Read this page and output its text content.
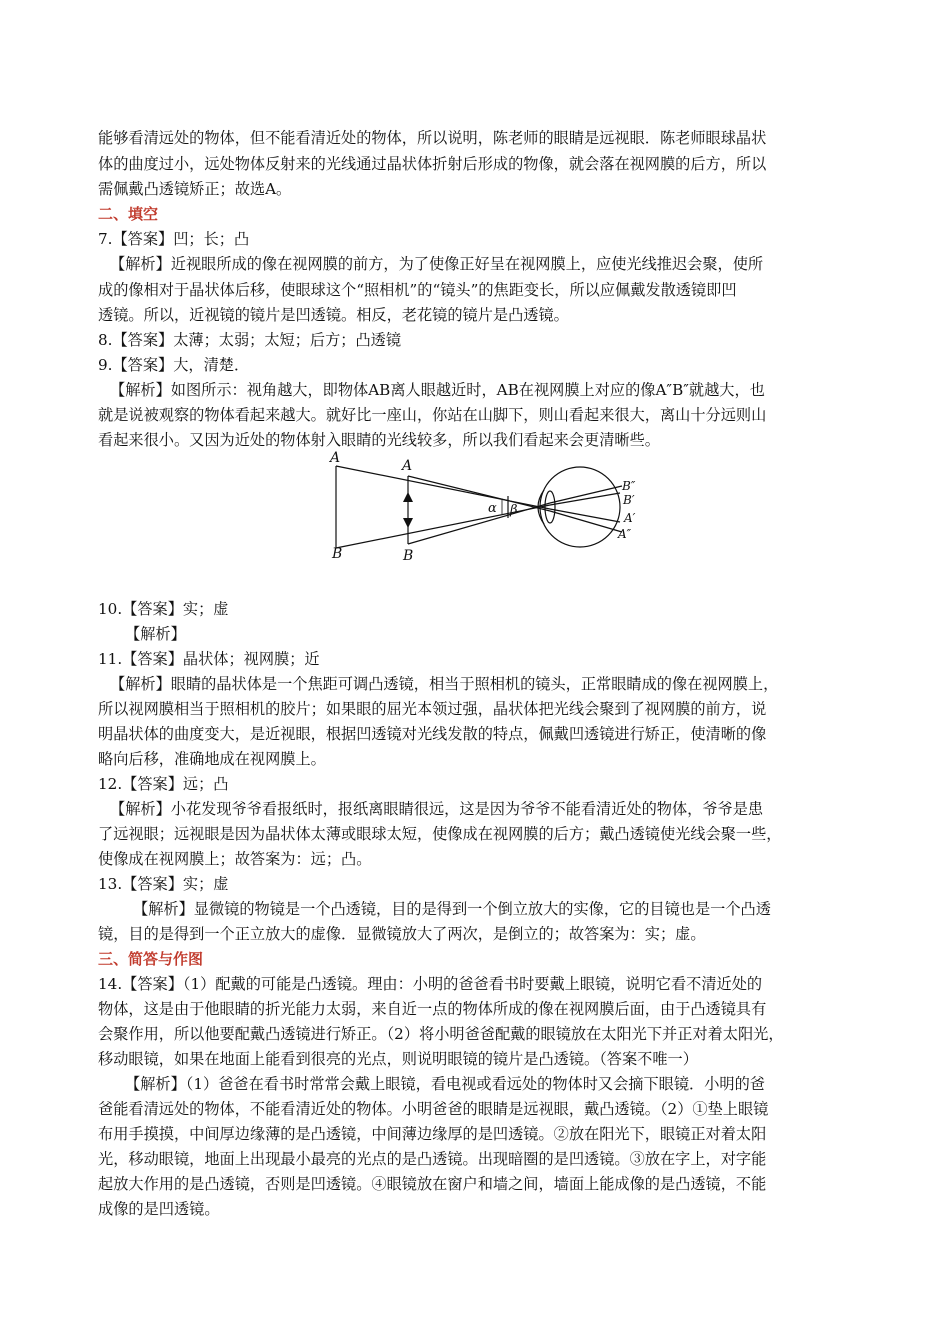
能够看清远处的物体，但不能看清近处的物体，所以说明，陈老师的眼睛是远视眼．陈老师眼球晶状
体的曲度过小，远处物体反射来的光线通过晶状体折射后形成的物像，就会落在视网膜的后方，所以
需佩戴凸透镜矫正；故选A。
二、填空
7.【答案】凹；长；凸
【解析】近视眼所成的像在视网膜的前方，为了使像正好呈在视网膜上，应使光线推迟会聚，使所
成的像相对于晶状体后移，使眼球这个“照相机”的“镜头”的焦距变长，所以应佩戴发散透镜即凹
透镜。所以，近视镜的镜片是凹透镜。相反，老花镜的镜片是凸透镜。
8.【答案】太薄；太弱；太短；后方；凸透镜
9.【答案】大，清楚．
【解析】如图所示：视角越大，即物体AB离人眼越近时，AB在视网膜上对应的像A″B″就越大，也
就是说被观察的物体看起来越大。就好比一座山，你站在山脚下，则山看起来很大，离山十分远则山
看起来很小。又因为近处的物体射入眼睛的光线较多，所以我们看起来会更清晰些。
A
B
A
B
α β
B″
B′
A′
A″
10.【答案】实；虚
【解析】
11.【答案】晶状体；视网膜；近
【解析】眼睛的晶状体是一个焦距可调凸透镜，相当于照相机的镜头，正常眼睛成的像在视网膜上，
所以视网膜相当于照相机的胶片；如果眼的屈光本领过强，晶状体把光线会聚到了视网膜的前方，说
明晶状体的曲度变大，是近视眼，根据凹透镜对光线发散的特点，佩戴凹透镜进行矫正，使清晰的像
略向后移，准确地成在视网膜上。
12.【答案】远；凸
【解析】小花发现爷爷看报纸时，报纸离眼睛很远，这是因为爷爷不能看清近处的物体，爷爷是患
了远视眼；远视眼是因为晶状体太薄或眼球太短，使像成在视网膜的后方；戴凸透镜使光线会聚一些，
使像成在视网膜上；故答案为：远；凸。
13.【答案】实；虚
【解析】显微镜的物镜是一个凸透镜，目的是得到一个倒立放大的实像，它的目镜也是一个凸透
镜，目的是得到一个正立放大的虚像．显微镜放大了两次，是倒立的；故答案为：实；虚。
三、简答与作图
14.【答案】（1）配戴的可能是凸透镜。理由：小明的爸爸看书时要戴上眼镜，说明它看不清近处的
物体，这是由于他眼睛的折光能力太弱，来自近一点的物体所成的像在视网膜后面，由于凸透镜具有
会聚作用，所以他要配戴凸透镜进行矫正。（2）将小明爸爸配戴的眼镜放在太阳光下并正对着太阳光，
移动眼镜，如果在地面上能看到很亮的光点，则说明眼镜的镜片是凸透镜。（答案不唯一）
【解析】（1）爸爸在看书时常常会戴上眼镜，看电视或看远处的物体时又会摘下眼镜．小明的爸
爸能看清远处的物体，不能看清近处的物体。小明爸爸的眼睛是远视眼，戴凸透镜。（2）①垫上眼镜
布用手摸摸，中间厚边缘薄的是凸透镜，中间薄边缘厚的是凹透镜。②放在阳光下，眼镜正对着太阳
光，移动眼镜，地面上出现最小最亮的光点的是凸透镜。出现暗圈的是凹透镜。③放在字上，对字能
起放大作用的是凸透镜，否则是凹透镜。④眼镜放在窗户和墙之间，墙面上能成像的是凸透镜，不能
成像的是凹透镜。
